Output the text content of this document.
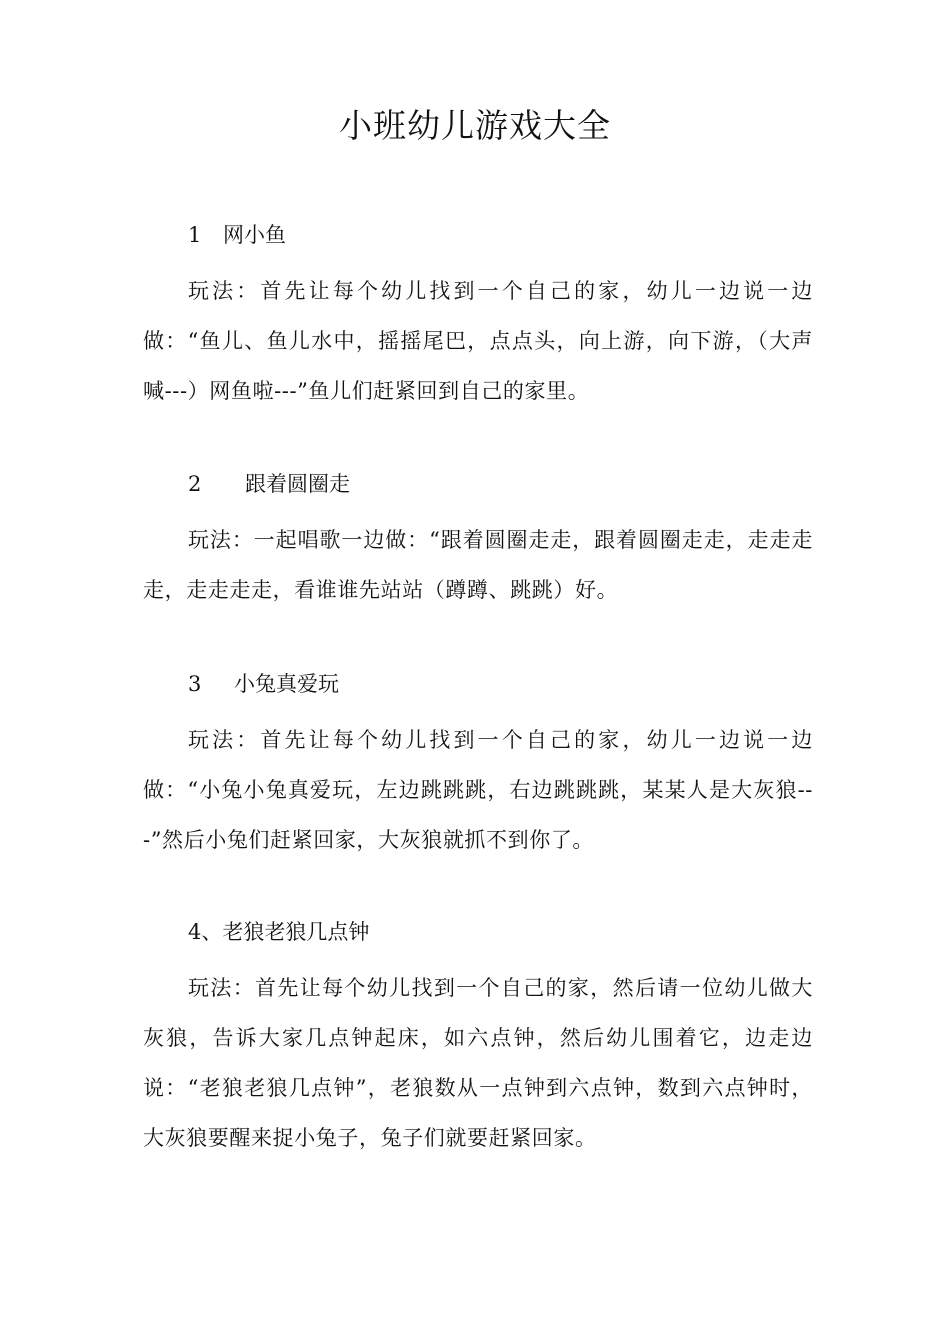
小班幼儿游戏大全
1 网小鱼
玩法：首先让每个幼儿找到一个自己的家，幼儿一边说一边做：“鱼儿、鱼儿水中，摇摇尾巴，点点头，向上游，向下游，（大声喊---）网鱼啦---”鱼儿们赶紧回到自己的家里。
2 跟着圆圈走
玩法：一起唱歌一边做：“跟着圆圈走走，跟着圆圈走走，走走走走，走走走走，看谁谁先站站（蹲蹲、跳跳）好。
3 小兔真爱玩
玩法：首先让每个幼儿找到一个自己的家，幼儿一边说一边做：“小兔小兔真爱玩，左边跳跳跳，右边跳跳跳，某某人是大灰狼---”然后小兔们赶紧回家，大灰狼就抓不到你了。
4、老狼老狼几点钟
玩法：首先让每个幼儿找到一个自己的家，然后请一位幼儿做大灰狼，告诉大家几点钟起床，如六点钟，然后幼儿围着它，边走边说：“老狼老狼几点钟”，老狼数从一点钟到六点钟，数到六点钟时，大灰狼要醒来捉小兔子，兔子们就要赶紧回家。
